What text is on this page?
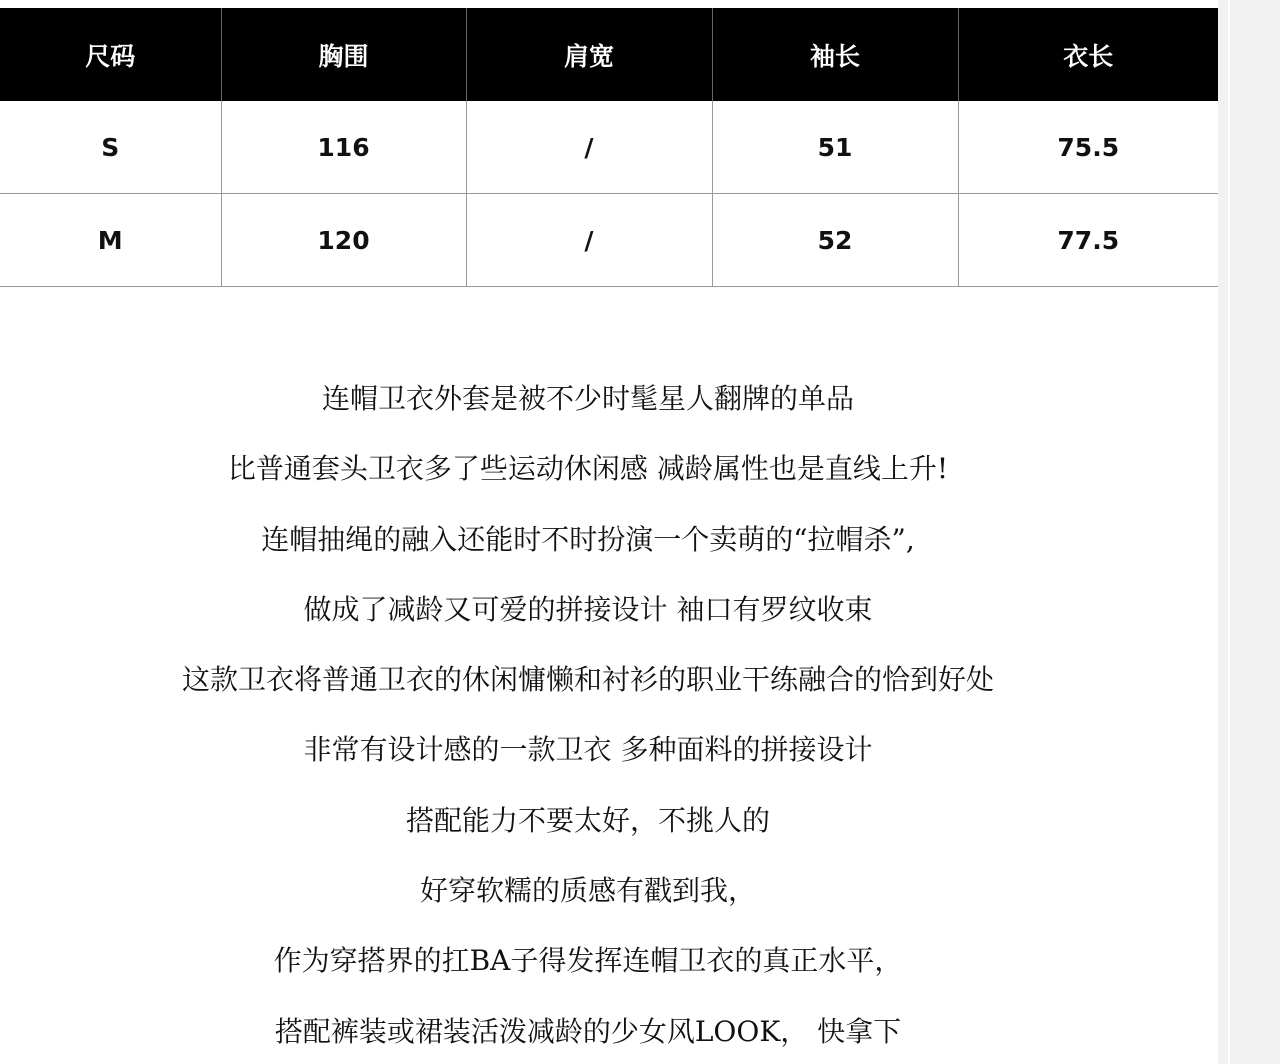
尺码	胸围	肩宽	袖长	衣长
S	116	/	51	75.5
M	120	/	52	77.5

连帽卫衣外套是被不少时髦星人翻牌的单品

比普通套头卫衣多了些运动休闲感 减龄属性也是直线上升!

连帽抽绳的融入还能时不时扮演一个卖萌的“拉帽杀”,

做成了减龄又可爱的拼接设计 袖口有罗纹收束

这款卫衣将普通卫衣的休闲慵懒和衬衫的职业干练融合的恰到好处

非常有设计感的一款卫衣 多种面料的拼接设计

搭配能力不要太好，不挑人的

好穿软糯的质感有戳到我，

作为穿搭界的扛BA子得发挥连帽卫衣的真正水平，

搭配裤装或裙装活泼减龄的少女风LOOK， 快拿下
